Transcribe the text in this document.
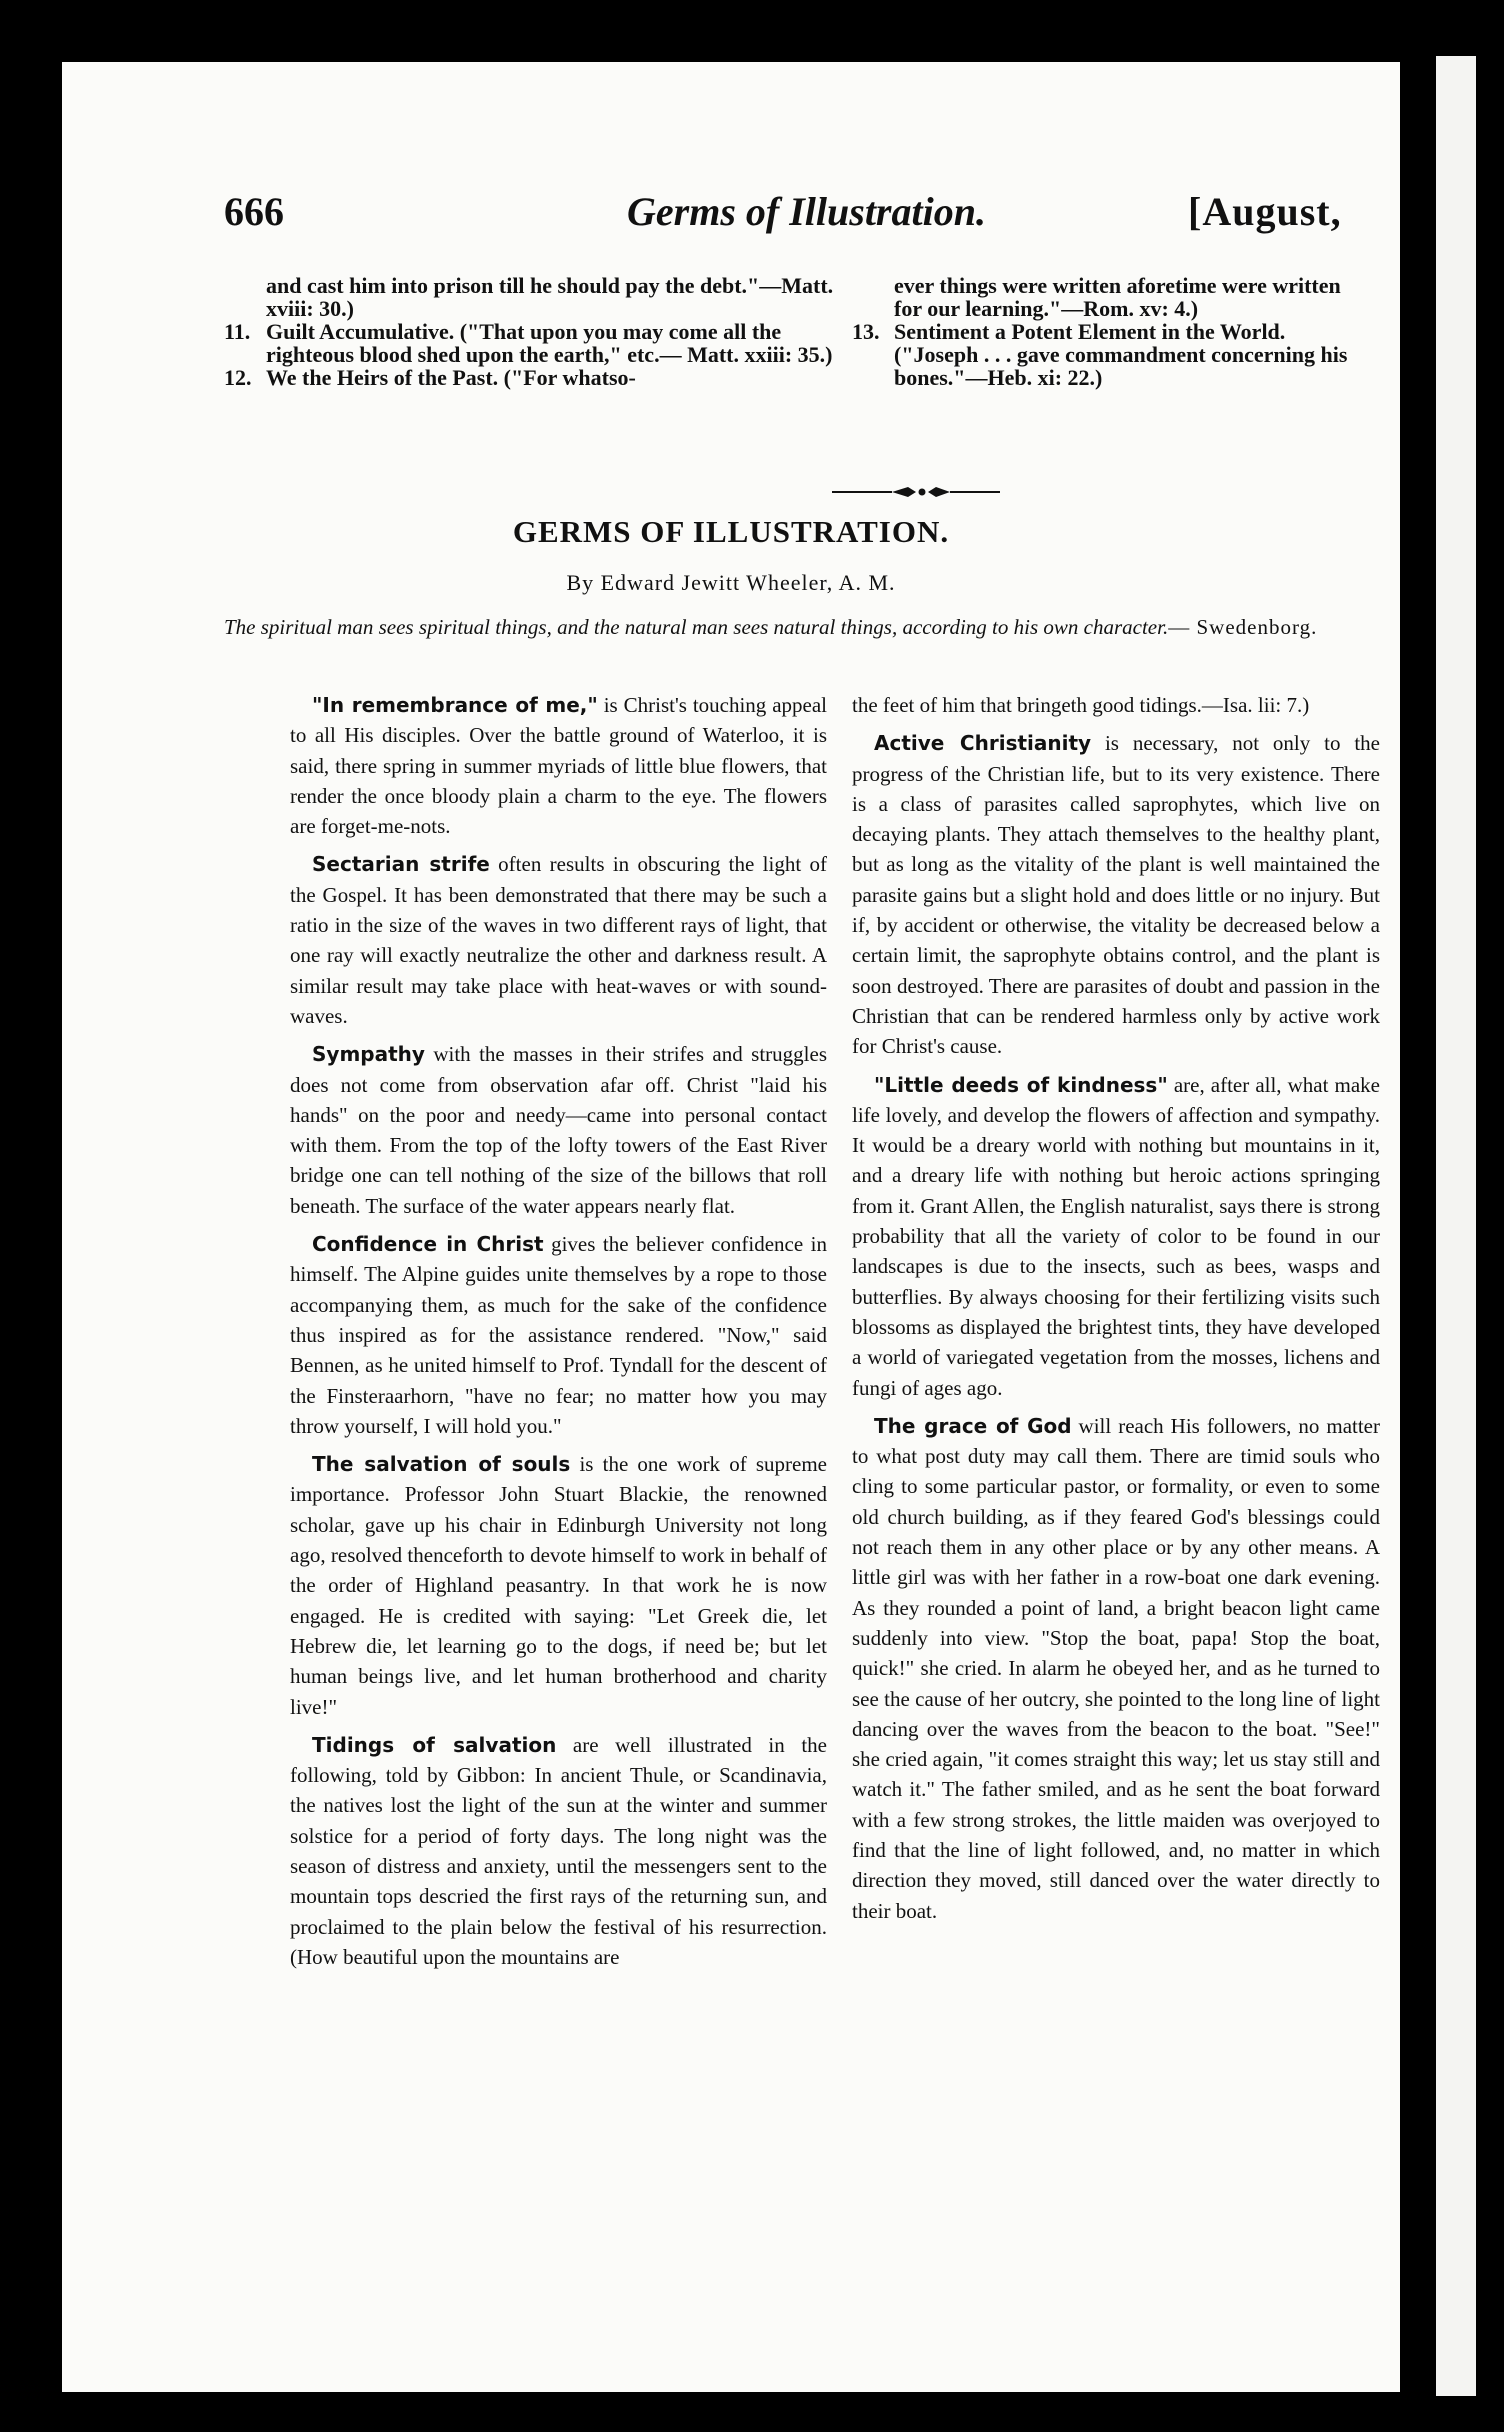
666	Germs of Illustration.	[August,
and cast him into prison till he should pay the debt."—Matt. xviii: 30.)
11. Guilt Accumulative. ("That upon you may come all the righteous blood shed upon the earth," etc.— Matt. xxiii: 35.)
12. We the Heirs of the Past. ("For whatso-
ever things were written aforetime were written for our learning."—Rom. xv: 4.)
13. Sentiment a Potent Element in the World. ("Joseph . . . gave commandment concerning his bones."—Heb. xi: 22.)
GERMS OF ILLUSTRATION.
By Edward Jewitt Wheeler, A. M.
The spiritual man sees spiritual things, and the natural man sees natural things, according to his own character.— Swedenborg.

"In remembrance of me," is Christ's touching appeal to all His disciples. Over the battle ground of Waterloo, it is said, there spring in summer myriads of little blue flowers, that render the once bloody plain a charm to the eye. The flowers are forget-me-nots.

Sectarian strife often results in obscuring the light of the Gospel. It has been demonstrated that there may be such a ratio in the size of the waves in two different rays of light, that one ray will exactly neutralize the other and darkness result. A similar result may take place with heat-waves or with sound-waves.

Sympathy with the masses in their strifes and struggles does not come from observation afar off. Christ "laid his hands" on the poor and needy—came into personal contact with them. From the top of the lofty towers of the East River bridge one can tell nothing of the size of the billows that roll beneath. The surface of the water appears nearly flat.

Confidence in Christ gives the believer confidence in himself. The Alpine guides unite themselves by a rope to those accompanying them, as much for the sake of the confidence thus inspired as for the assistance rendered. "Now," said Bennen, as he united himself to Prof. Tyndall for the descent of the Finsteraarhorn, "have no fear; no matter how you may throw yourself, I will hold you."

The salvation of souls is the one work of supreme importance. Professor John Stuart Blackie, the renowned scholar, gave up his chair in Edinburgh University not long ago, resolved thenceforth to devote himself to work in behalf of the order of Highland peasantry. In that work he is now engaged. He is credited with saying: "Let Greek die, let Hebrew die, let learning go to the dogs, if need be; but let human beings live, and let human brotherhood and charity live!"

Tidings of salvation are well illustrated in the following, told by Gibbon: In ancient Thule, or Scandinavia, the natives lost the light of the sun at the winter and summer solstice for a period of forty days. The long night was the season of distress and anxiety, until the messengers sent to the mountain tops descried the first rays of the returning sun, and proclaimed to the plain below the festival of his resurrection. (How beautiful upon the mountains are

the feet of him that bringeth good tidings.—Isa. lii: 7.)

Active Christianity is necessary, not only to the progress of the Christian life, but to its very existence. There is a class of parasites called saprophytes, which live on decaying plants. They attach themselves to the healthy plant, but as long as the vitality of the plant is well maintained the parasite gains but a slight hold and does little or no injury. But if, by accident or otherwise, the vitality be decreased below a certain limit, the saprophyte obtains control, and the plant is soon destroyed. There are parasites of doubt and passion in the Christian that can be rendered harmless only by active work for Christ's cause.

"Little deeds of kindness" are, after all, what make life lovely, and develop the flowers of affection and sympathy. It would be a dreary world with nothing but mountains in it, and a dreary life with nothing but heroic actions springing from it. Grant Allen, the English naturalist, says there is strong probability that all the variety of color to be found in our landscapes is due to the insects, such as bees, wasps and butterflies. By always choosing for their fertilizing visits such blossoms as displayed the brightest tints, they have developed a world of variegated vegetation from the mosses, lichens and fungi of ages ago.

The grace of God will reach His followers, no matter to what post duty may call them. There are timid souls who cling to some particular pastor, or formality, or even to some old church building, as if they feared God's blessings could not reach them in any other place or by any other means. A little girl was with her father in a row-boat one dark evening. As they rounded a point of land, a bright beacon light came suddenly into view. "Stop the boat, papa! Stop the boat, quick!" she cried. In alarm he obeyed her, and as he turned to see the cause of her outcry, she pointed to the long line of light dancing over the waves from the beacon to the boat. "See!" she cried again, "it comes straight this way; let us stay still and watch it." The father smiled, and as he sent the boat forward with a few strong strokes, the little maiden was overjoyed to find that the line of light followed, and, no matter in which direction they moved, still danced over the water directly to their boat.
